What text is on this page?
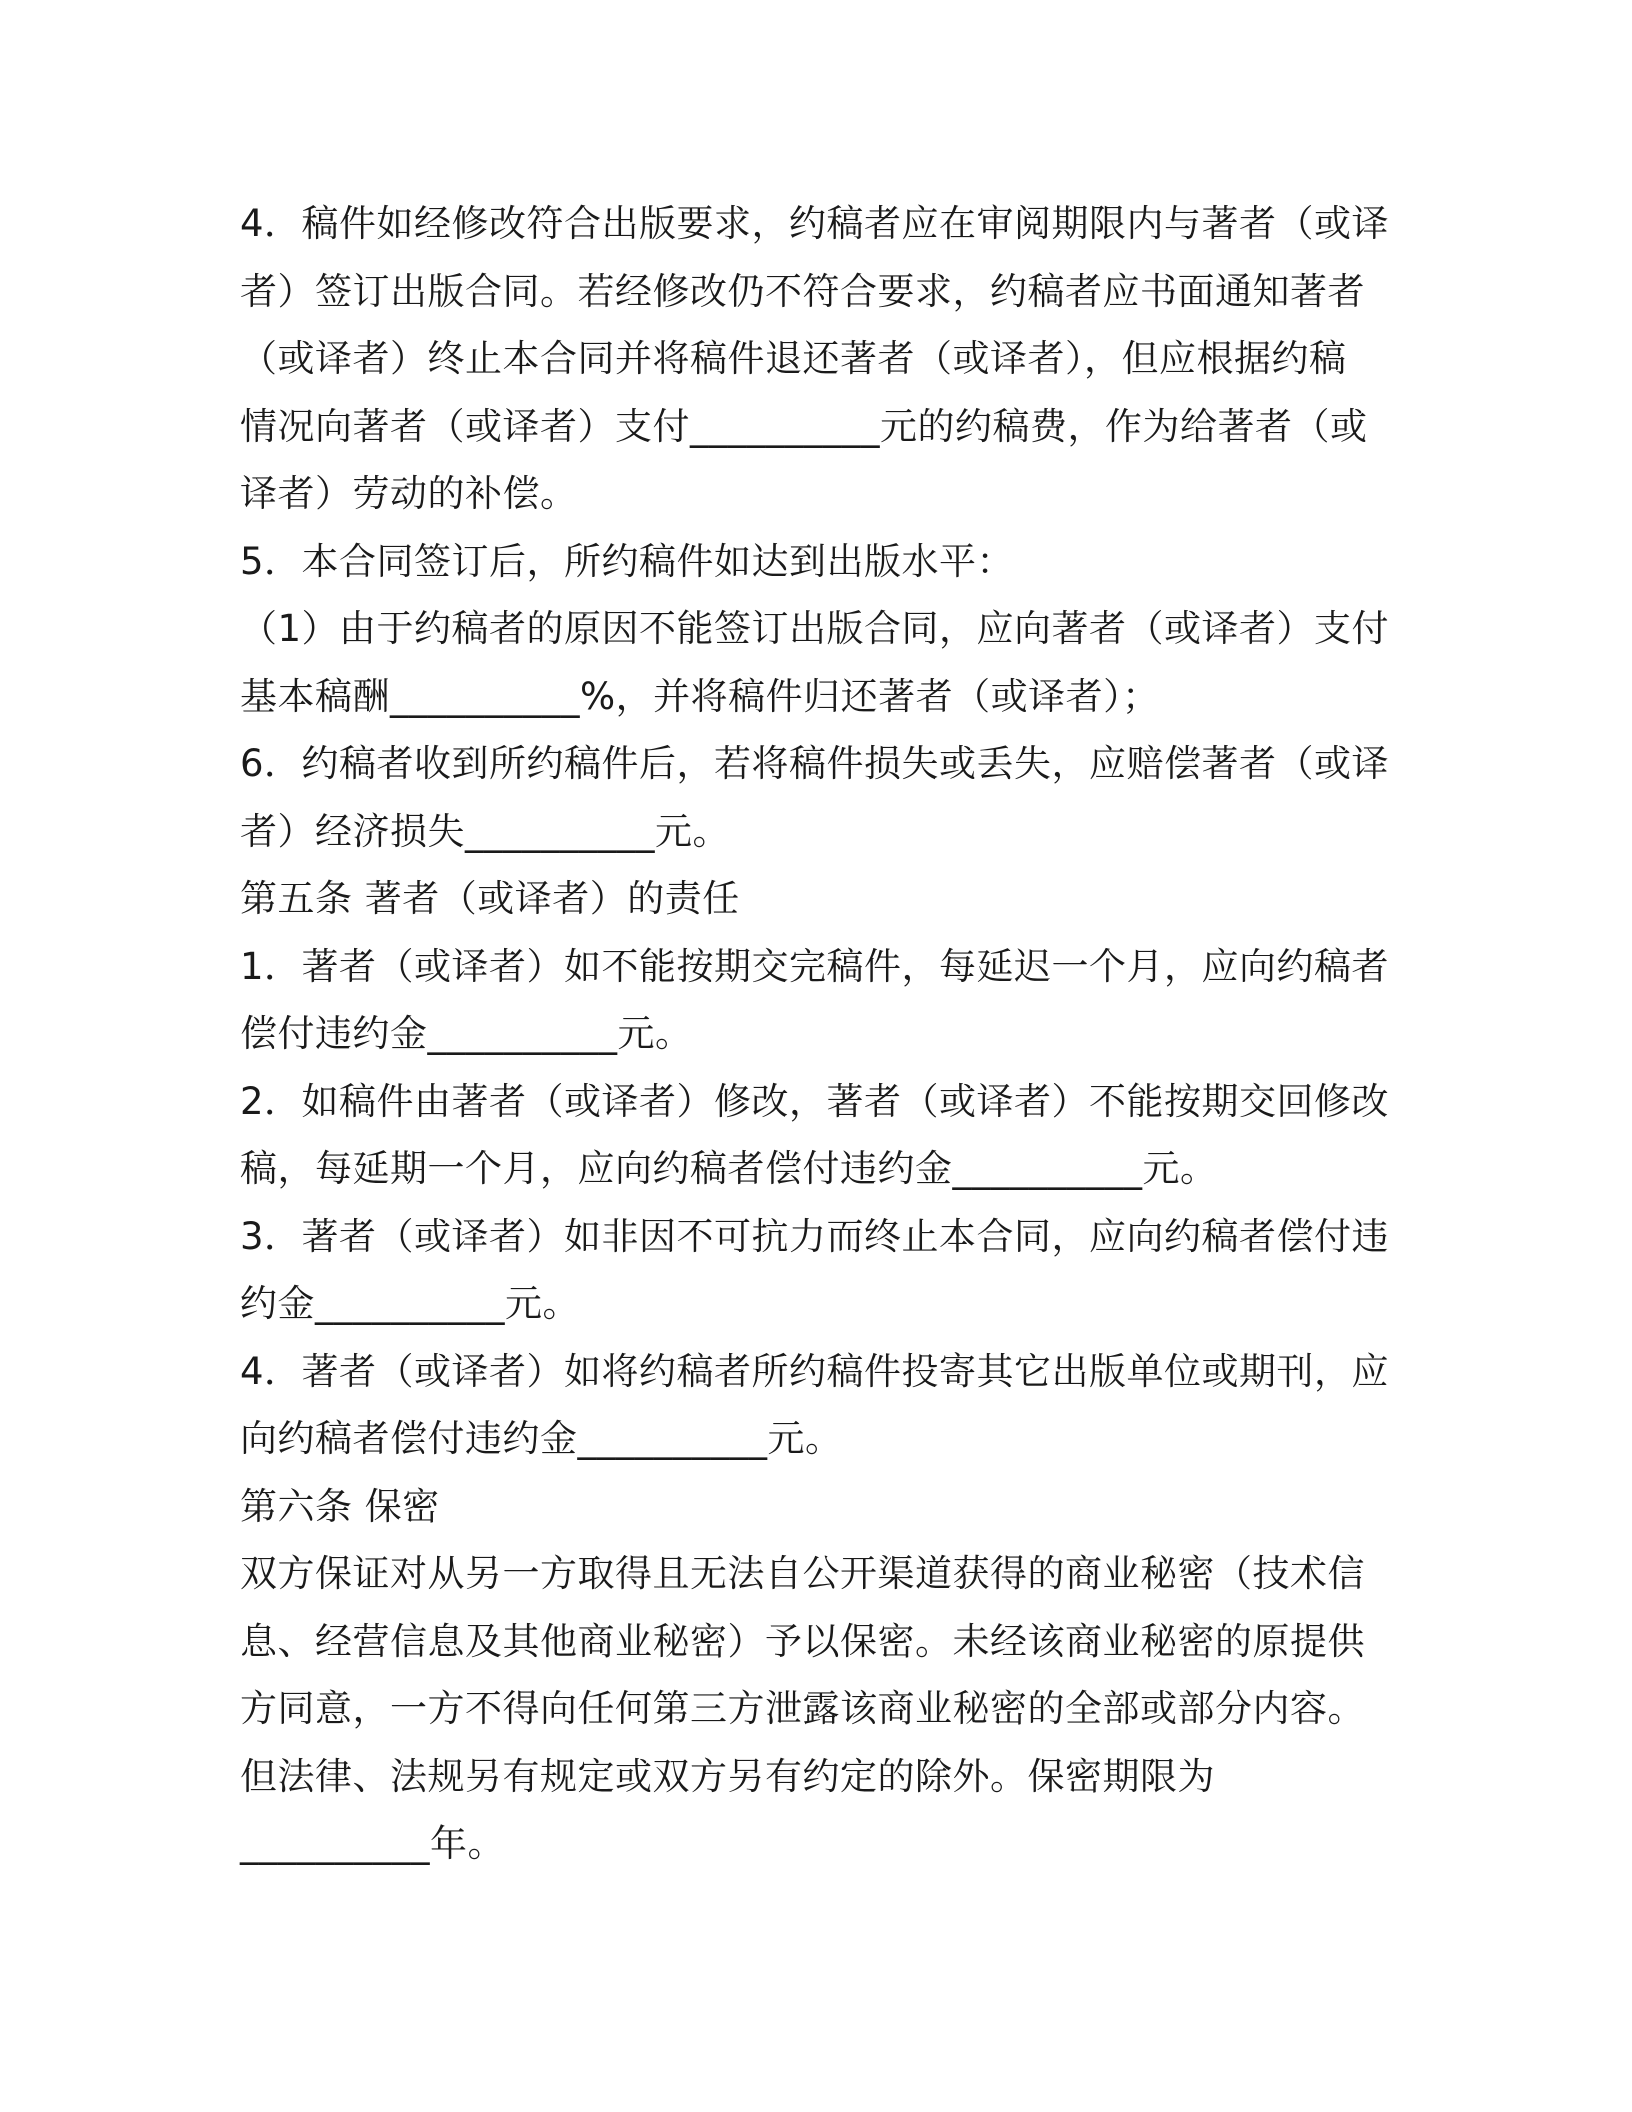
4．稿件如经修改符合出版要求，约稿者应在审阅期限内与著者（或译
者）签订出版合同。若经修改仍不符合要求，约稿者应书面通知著者
（或译者）终止本合同并将稿件退还著者（或译者），但应根据约稿
情况向著者（或译者）支付__________元的约稿费，作为给著者（或
译者）劳动的补偿。
5．本合同签订后，所约稿件如达到出版水平：
（1）由于约稿者的原因不能签订出版合同，应向著者（或译者）支付
基本稿酬__________%，并将稿件归还著者（或译者）；
6．约稿者收到所约稿件后，若将稿件损失或丢失，应赔偿著者（或译
者）经济损失__________元。
第五条 著者（或译者）的责任
1．著者（或译者）如不能按期交完稿件，每延迟一个月，应向约稿者
偿付违约金__________元。
2．如稿件由著者（或译者）修改，著者（或译者）不能按期交回修改
稿，每延期一个月，应向约稿者偿付违约金__________元。
3．著者（或译者）如非因不可抗力而终止本合同，应向约稿者偿付违
约金__________元。
4．著者（或译者）如将约稿者所约稿件投寄其它出版单位或期刊，应
向约稿者偿付违约金__________元。
第六条 保密
双方保证对从另一方取得且无法自公开渠道获得的商业秘密（技术信
息、经营信息及其他商业秘密）予以保密。未经该商业秘密的原提供
方同意，一方不得向任何第三方泄露该商业秘密的全部或部分内容。
但法律、法规另有规定或双方另有约定的除外。保密期限为
__________年。
